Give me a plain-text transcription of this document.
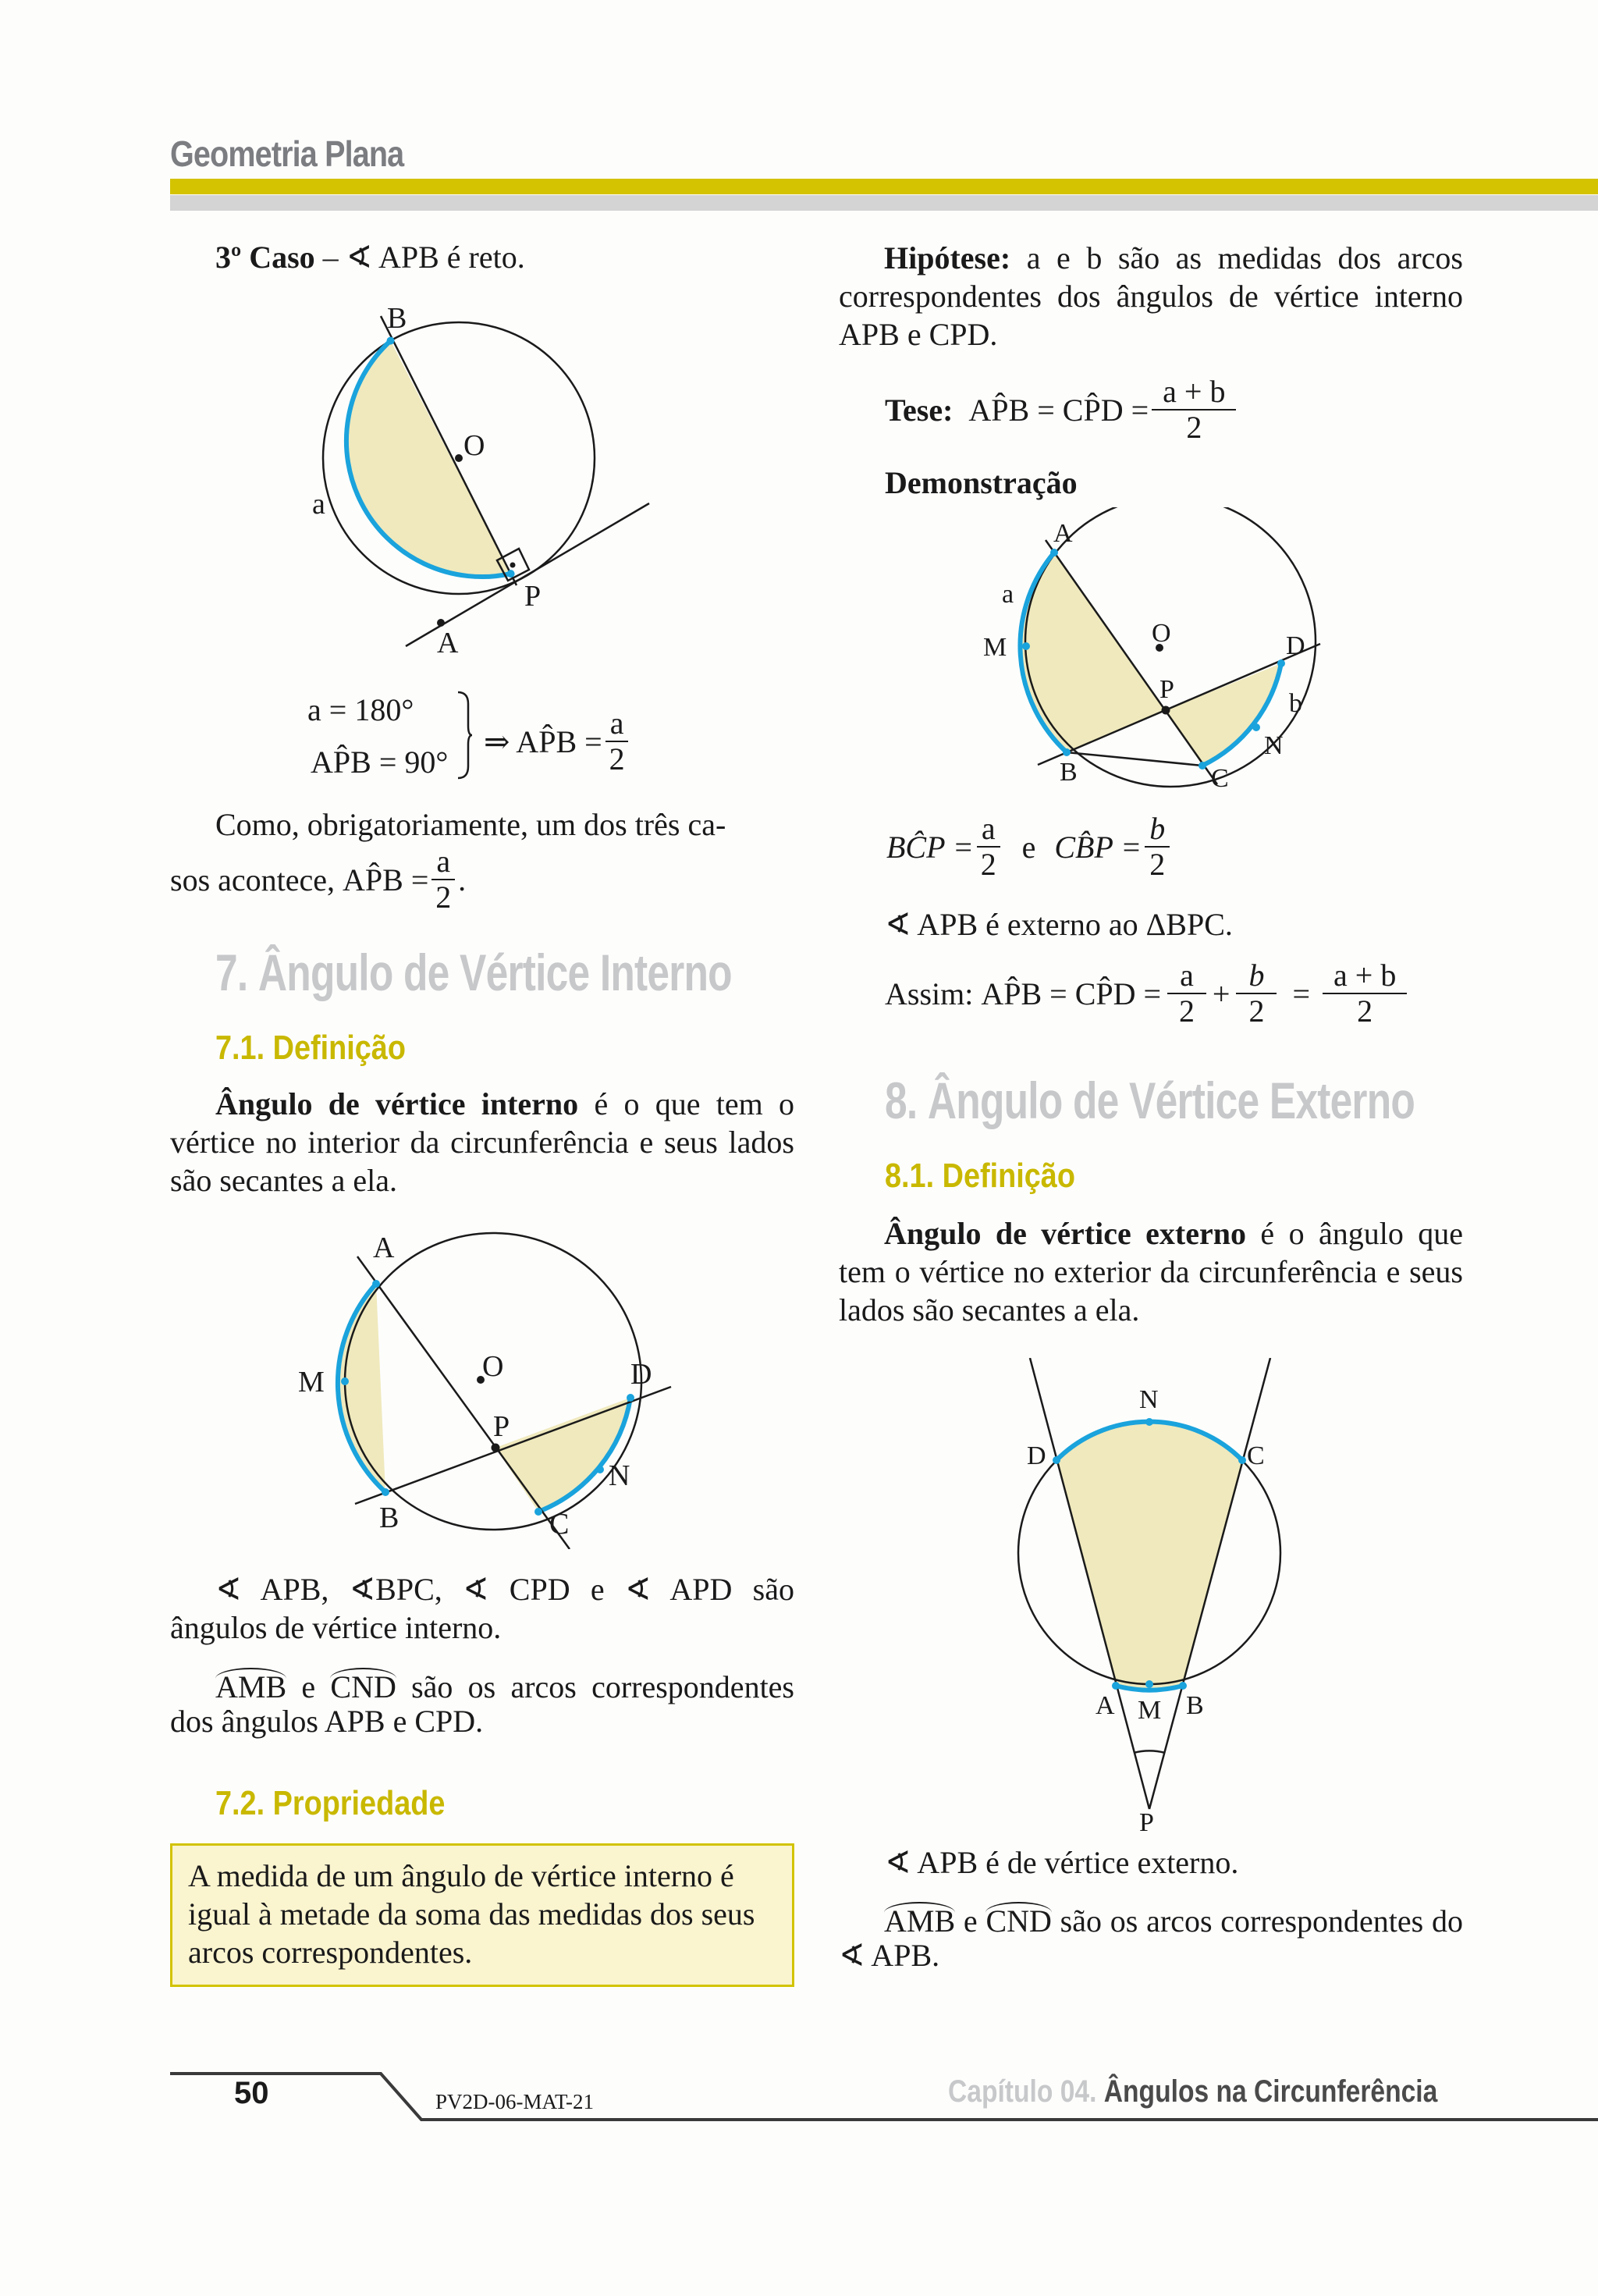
Geometria Plana
3º Caso – ∢ APB é reto.
B
O
a
P
A
a = 180°
AP̂B = 90°
⇒ AP̂B = $\frac{a}{2}$
Como, obrigatoriamente, um dos três ca-
sos acontece,
AP̂B = $\frac{a}{2}$ .
7. Ângulo de Vértice Interno
7.1. Definição
Ângulo de vértice interno é o que tem o vértice no interior da circunferência e seus lados são secantes a ela.
A
M	O	D
P
N
B	C
∢ APB, ∢BPC, ∢ CPD e ∢ APD são ângulos de vértice interno.
AMB e CND são os arcos correspondentes dos ângulos APB e CPD.
7.2. Propriedade
A medida de um ângulo de vértice interno é igual à metade da soma das medidas dos seus arcos correspondentes.
Hipótese: a e b são as medidas dos arcos correspondentes dos ângulos de vértice interno APB e CPD.
Tese:
AP̂B = CP̂D = $\frac{a + b}{2}$
Demonstração
A
a
M	O	D
P	b
N
B	C
BĈP = $\frac{a}{2}$ e CB̂P = $\frac{b}{2}$
∢ APB é externo ao ΔBPC.
Assim:
AP̂B = CP̂D = $\frac{a}{2} + \frac{b}{2} = \frac{a + b}{2}$
8. Ângulo de Vértice Externo
8.1. Definição
Ângulo de vértice externo é o ângulo que tem o vértice no exterior da circunferência e seus lados são secantes a ela.
N
D	C
A M B
P
∢ APB é de vértice externo.
AMB e CND são os arcos correspondentes do ∢ APB.
50	PV2D-06-MAT-21	Capítulo 04. Ângulos na Circunferência
